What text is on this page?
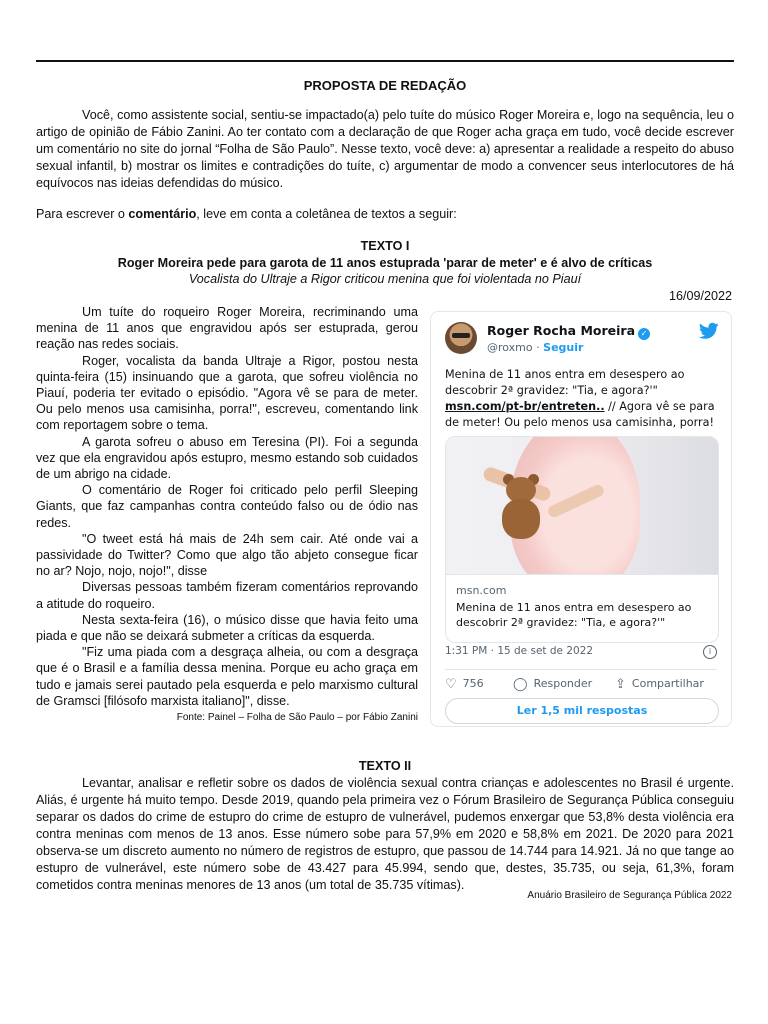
PROPOSTA DE REDAÇÃO

Você, como assistente social, sentiu-se impactado(a) pelo tuíte do músico Roger Moreira e, logo na sequência, leu o artigo de opinião de Fábio Zanini. Ao ter contato com a declaração de que Roger acha graça em tudo, você decide escrever um comentário no site do jornal “Folha de São Paulo”. Nesse texto, você deve: a) apresentar a realidade a respeito do abuso sexual infantil, b) mostrar os limites e contradições do tuíte, c) argumentar de modo a convencer seus interlocutores de há equívocos nas ideias defendidas do músico.

Para escrever o comentário, leve em conta a coletânea de textos a seguir:

TEXTO I
Roger Moreira pede para garota de 11 anos estuprada 'parar de meter' e é alvo de críticas
Vocalista do Ultraje a Rigor criticou menina que foi violentada no Piauí
16/09/2022

Um tuíte do roqueiro Roger Moreira, recriminando uma menina de 11 anos que engravidou após ser estuprada, gerou reação nas redes sociais.

Roger, vocalista da banda Ultraje a Rigor, postou nesta quinta-feira (15) insinuando que a garota, que sofreu violência no Piauí, poderia ter evitado o episódio. "Agora vê se para de meter. Ou pelo menos usa camisinha, porra!", escreveu, comentando link com reportagem sobre o tema.

A garota sofreu o abuso em Teresina (PI). Foi a segunda vez que ela engravidou após estupro, mesmo estando sob cuidados de um abrigo na cidade.

O comentário de Roger foi criticado pelo perfil Sleeping Giants, que faz campanhas contra conteúdo falso ou de ódio nas redes.

"O tweet está há mais de 24h sem cair. Até onde vai a passividade do Twitter? Como que algo tão abjeto consegue ficar no ar? Nojo, nojo, nojo!", disse

Diversas pessoas também fizeram comentários reprovando a atitude do roqueiro.

Nesta sexta-feira (16), o músico disse que havia feito uma piada e que não se deixará submeter a críticas da esquerda.

"Fiz uma piada com a desgraça alheia, ou com a desgraça que é o Brasil e a família dessa menina. Porque eu acho graça em tudo e jamais serei pautado pela esquerda e pelo marxismo cultural de Gramsci [filósofo marxista italiano]", disse.

Fonte: Painel – Folha de São Paulo – por Fábio Zanini
Roger Rocha Moreira ✓
@roxmo · Seguir
Menina de 11 anos entra em desespero ao descobrir 2ª gravidez: "Tia, e agora?'"
msn.com/pt-br/entreten.. // Agora vê se para de meter! Ou pelo menos usa camisinha, porra!
msn.com
Menina de 11 anos entra em desespero ao descobrir 2ª gravidez: "Tia, e agora?'"
1:31 PM · 15 de set de 2022	i
♡ 756 ◯ Responder ⇪ Compartilhar
Ler 1,5 mil respostas
TEXTO II

Levantar, analisar e refletir sobre os dados de violência sexual contra crianças e adolescentes no Brasil é urgente. Aliás, é urgente há muito tempo. Desde 2019, quando pela primeira vez o Fórum Brasileiro de Segurança Pública conseguiu separar os dados do crime de estupro do crime de estupro de vulnerável, pudemos enxergar que 53,8% desta violência era contra meninas com menos de 13 anos. Esse número sobe para 57,9% em 2020 e 58,8% em 2021. De 2020 para 2021 observa-se um discreto aumento no número de registros de estupro, que passou de 14.744 para 14.921. Já no que tange ao estupro de vulnerável, este número sobe de 43.427 para 45.994, sendo que, destes, 35.735, ou seja, 61,3%, foram cometidos contra meninas menores de 13 anos (um total de 35.735 vítimas).

Anuário Brasileiro de Segurança Pública 2022
